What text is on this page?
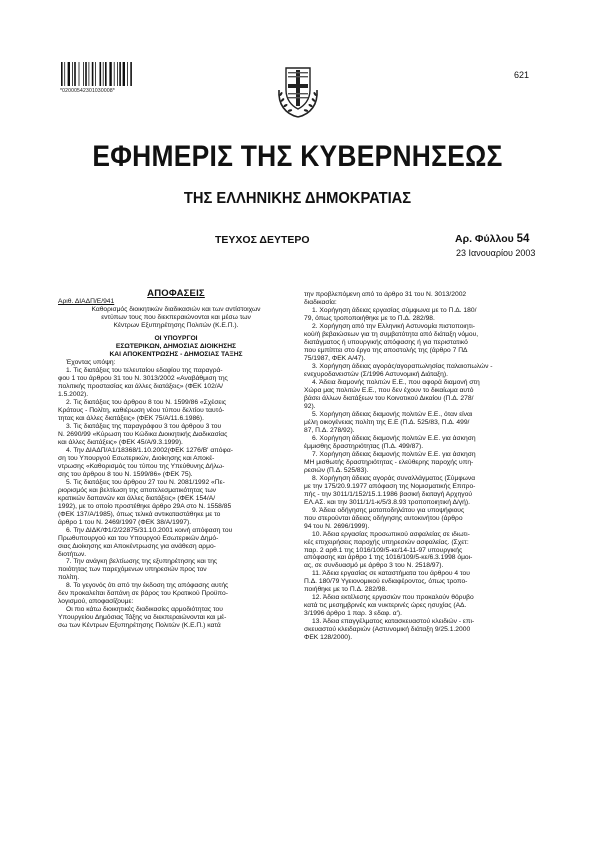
*02000542301030008*
621
ΕΦΗΜΕΡΙΣ ΤΗΣ ΚΥΒΕΡΝΗΣΕΩΣ
ΤΗΣ ΕΛΛΗΝΙΚΗΣ ΔΗΜΟΚΡΑΤΙΑΣ
ΤΕΥΧΟΣ ΔΕΥΤΕΡΟ	Αρ. Φύλλου 54
23 Ιανουαρίου 2003

ΑΠΟΦΑΣΕΙΣ

Αριθ. ΔΙΑΔΠ/Ε/941

Καθορισμός διοικητικών διαδικασιών και των αντίστοιχων

εντύπων τους που διεκπεραιώνονται και μέσω των

Κέντρων Εξυπηρέτησης Πολιτών (Κ.Ε.Π.).

ΟΙ ΥΠΟΥΡΓΟΙ

ΕΣΩΤΕΡΙΚΩΝ, ΔΗΜΟΣΙΑΣ ΔΙΟΙΚΗΣΗΣ

ΚΑΙ ΑΠΟΚΕΝΤΡΩΣΗΣ - ΔΗΜΟΣΙΑΣ ΤΑΞΗΣ

Έχοντας υπόψη:

1. Τις διατάξεις του τελευταίου εδαφίου της παραγρά-

φου 1 του άρθρου 31 του Ν. 3013/2002 «Αναβάθμιση της

πολιτικής προστασίας και άλλες διατάξεις» (ΦΕΚ 102/Α/

1.5.2002).

2. Τις διατάξεις του άρθρου 8 του Ν. 1599/86 «Σχέσεις

Κράτους - Πολίτη, καθιέρωση νέου τύπου δελτίου ταυτό-

τητας και άλλες διατάξεις» (ΦΕΚ 75/Α/11.6.1986).

3. Τις διατάξεις της παραγράφου 3 του άρθρου 3 του

Ν. 2690/99 «Κύρωση του Κώδικα Διοικητικής Διαδικασίας

και άλλες διατάξεις» (ΦΕΚ 45/Α/9.3.1999).

4. Την ΔΙΑΔΠ/Α1/18368/1.10.2002(ΦΕΚ 1276/Β' απόφα-

ση του Υπουργού Εσωτερικών, Διοίκησης και Αποκέ-

ντρωσης «Καθορισμός του τύπου της Υπεύθυνης Δήλω-

σης του άρθρου 8 του Ν. 1599/86» (ΦΕΚ 75).

5. Τις διατάξεις του άρθρου 27 του Ν. 2081/1992 «Πε-

ριορισμός και βελτίωση της αποτελεσματικότητας των

κρατικών δαπανών και άλλες διατάξεις» (ΦΕΚ 154/Α/

1992), με το οποίο προστέθηκε άρθρο 29Α στο Ν. 1558/85

(ΦΕΚ 137/Α/1985), όπως τελικά αντικαταστάθηκε με το

άρθρο 1 του Ν. 2469/1997 (ΦΕΚ 38/Α/1997).

6. Την ΔΙΔΚ/Φ1/2/22875/31.10.2001 κοινή απόφαση του

Πρωθυπουργού και του Υπουργού Εσωτερικών Δημό-

σιας Διοίκησης και Αποκέντρωσης για ανάθεση αρμο-

διοτήτων.

7. Την ανάγκη βελτίωσης της εξυπηρέτησης και της

ποιότητας των παρεχόμενων υπηρεσιών προς τον

πολίτη.

8. Το γεγονός ότι από την έκδοση της απόφασης αυτής

δεν προκαλείται δαπάνη σε βάρος του Κρατικού Προϋπο-

λογισμού, αποφασίζουμε:

Οι πιο κάτω διοικητικές διαδικασίες αρμοδιότητας του

Υπουργείου Δημόσιας Τάξης να διεκπεραιώνονται και μέ-

σω των Κέντρων Εξυπηρέτησης Πολιτών (Κ.Ε.Π.) κατά

την προβλεπόμενη από το άρθρο 31 του Ν. 3013/2002

διαδικασία:

1. Χορήγηση άδειας εργασίας σύμφωνα με το Π.Δ. 180/

79, όπως τροποποιήθηκε με το Π.Δ. 282/98.

2. Χορήγηση από την Ελληνική Αστυνομία πιστοποιητι-

κού/ή βεβαιώσεων για τη συμβατότητα από διάταξη νόμου,

διατάγματος ή υπουργικής απόφασης ή για περιστατικό

που εμπίπτει στο έργο της αποστολής της (άρθρο 7 ΠΔ

75/1987, ΦΕΚ Α/47).

3. Χορήγηση άδειας αγοράς/αγοραπωλησίας παλαιοπωλών -

ενεχυροδανειστών (Σ/1996 Αστυνομική Διάταξη).

4. Άδεια διαμονής πολιτών Ε.Ε., που αφορά διαμονή στη

Χώρα μας πολιτών Ε.Ε., που δεν έχουν το δικαίωμα αυτό

βάσει άλλων διατάξεων του Κοινοτικού Δικαίου (Π.Δ. 278/

92).

5. Χορήγηση άδειας διαμονής πολιτών Ε.Ε., όταν είναι

μέλη οικογένειας πολίτη της Ε.Ε (Π.Δ. 525/83, Π.Δ. 499/

87, Π.Δ. 278/92).

6. Χορήγηση άδειας διαμονής πολιτών Ε.Ε. για άσκηση

έμμισθης δραστηριότητας (Π.Δ. 499/87).

7. Χορήγηση άδειας διαμονής πολιτών Ε.Ε. για άσκηση

ΜΗ μισθωτής δραστηριότητας - ελεύθερης παροχής υπη-

ρεσιών (Π.Δ. 525/83).

8. Χορήγηση άδειας αγοράς συναλλάγματος (Σύμφωνα

με την 175/20.9.1977 απόφαση της Νομισματικής Επιτρο-

πής - την 3011/1/152/15.1.1986 βασική διαταγή Αρχηγού

ΕΛ.ΑΣ. και την 3011/1/1-κ/5/3.8.93 τροποποιητική Δ/γή).

9. Άδεια οδήγησης μοτοποδηλάτου για υποψήφιους

που στερούνται άδειας οδήγησης αυτοκινήτου (άρθρο

94 του Ν. 2696/1999).

10. Άδεια εργασίας προσωπικού ασφαλείας σε ιδιωτι-

κές επιχειρήσεις παροχής υπηρεσιών ασφαλείας. (Σχετ:

παρ. 2 αρθ.1 της 1016/109/5-κε/14-11-97 υπουργικής

απόφασης και άρθρο 1 της 1016/109/5-κε/6.3.1998 όμοι-

ας, σε συνδυασμό με άρθρο 3 του Ν. 2518/97).

11. Άδεια εργασίας σε καταστήματα του άρθρου 4 του

Π.Δ. 180/79 Υγειονομικού ενδιαφέροντος, όπως τροπο-

ποιήθηκε με το Π.Δ. 282/98.

12. Άδεια εκτέλεσης εργασιών που προκαλούν θόρυβο

κατά τις μεσημβρινές και νυκτερινές ώρες ησυχίας (ΑΔ.

3/1996 άρθρο 1 παρ. 3 εδαφ. α').

13. Άδεια επαγγέλματος κατασκευαστού κλειδιών - επι-

σκευαστού κλειδαριών (Αστυνομική διάταξη 9/25.1.2000

ΦΕΚ 128/2000).
